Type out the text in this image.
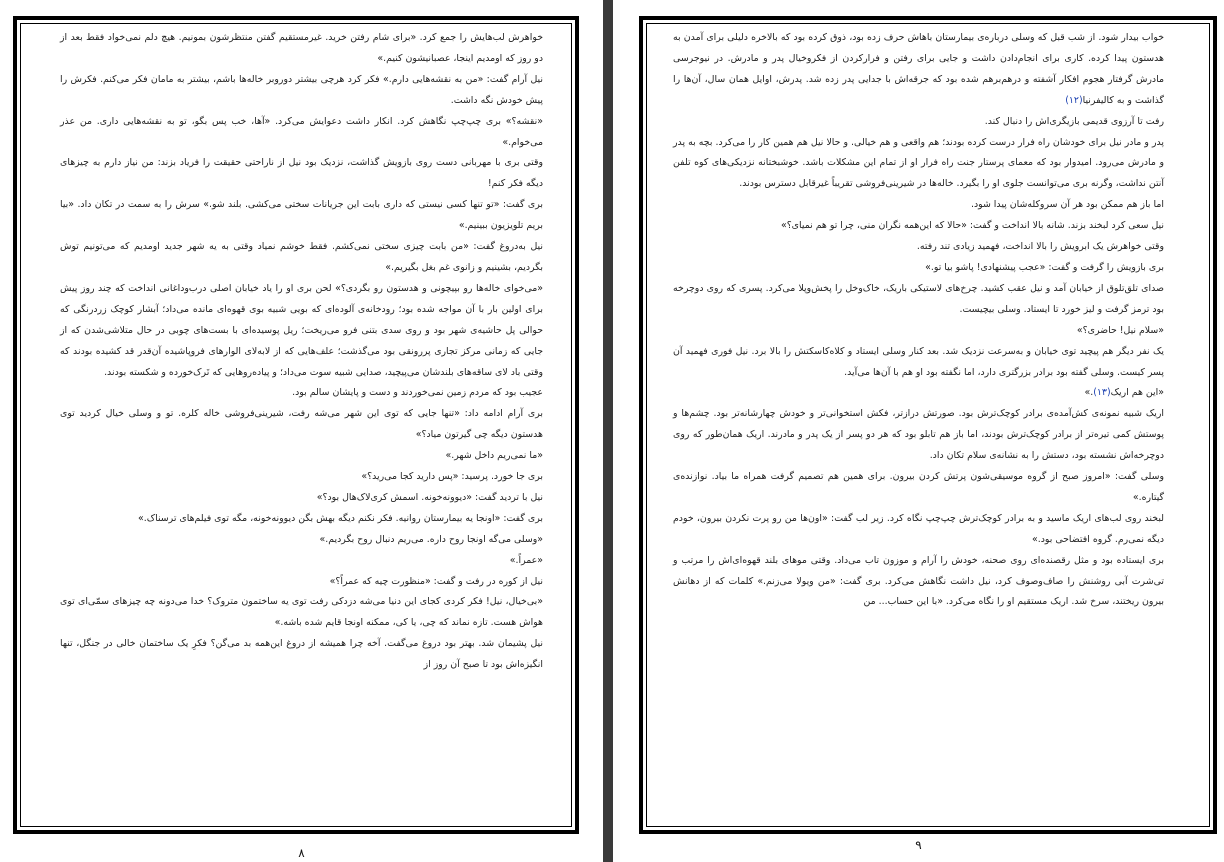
خواهرش لب‌هایش را جمع کرد. «برای شام رفتن خرید. غیرمستقیم گفتن منتظرشون بمونیم. هیچ دلم نمی‌خواد فقط بعد از دو روز که اومدیم اینجا، عصبانیشون کنیم.»

نیل آرام گفت: «من به نقشه‌هایی دارم.» فکر کرد هرچی بیشتر دوروبر خاله‌ها باشم، بیشتر به مامان فکر می‌کنم. فکرش را پیش خودش نگه داشت.

«نقشه؟» بری چپ‌چپ نگاهش کرد. انکار داشت دعوایش می‌کرد. «آها، خب پس بگو، تو به نقشه‌هایی داری. من عذر می‌خوام.»

وقتی بری با مهربانی دست روی بازویش گذاشت، نزدیک بود نیل از ناراحتی حقیقت را فریاد بزند: من نیاز دارم به چیزهای دیگه فکر کنم!

بری گفت: «تو تنها کسی نیستی که داری بابت این جریانات سختی می‌کشی. بلند شو.» سرش را به سمت در تکان داد. «بیا بریم تلویزیون ببینیم.»

نیل به‌دروغ گفت: «من بابت چیزی سختی نمی‌کشم. فقط خوشم نمیاد وقتی به یه شهر جدید اومدیم که می‌تونیم توش بگردیم، بشینیم و زانوی غم بغل بگیریم.»

«می‌خوای خاله‌ها رو بپیچونی و هدستون رو بگردی؟» لحن بری او را یاد خیابان اصلی درب‌وداغانی انداخت که چند روز پیش برای اولین بار با آن مواجه شده بود؛ رودخانه‌ی آلوده‌ای که بویی شبیه بوی قهوه‌ای مانده می‌داد؛ آبشار کوچک زردرنگی که حوالی پل حاشیه‌ی شهر بود و روی سدی بتنی فرو می‌ریخت؛ ریل پوسیده‌ای با بست‌های چوبی در حال متلاشی‌شدن که از جایی که زمانی مرکز تجاری پررونقی بود می‌گذشت؛ علف‌هایی که از لابه‌لای الوارهای فروپاشیده آن‌قدر قد کشیده بودند که وقتی باد لای ساقه‌های بلندشان می‌پیچید، صدایی شبیه سوت می‌داد؛ و پیاده‌روهایی که تَرک‌خورده و شکسته بودند.

عجیب بود که مردم زمین نمی‌خوردند و دست و پایشان سالم بود.

بری آرام ادامه داد: «تنها جایی که توی این شهر می‌شه رفت، شیرینی‌فروشی خاله کلره. تو و وسلی خیال کردید توی هدستون دیگه چی گیرتون میاد؟»

«ما نمی‌ریم داخل شهر.»

بری جا خورد. پرسید: «پس دارید کجا می‌رید؟»

نیل با تردید گفت: «دیوونه‌خونه. اسمش کری‌لاک‌هال بود؟»

بری گفت: «اونجا یه بیمارستان روانیه. فکر نکنم دیگه بهش بگن دیوونه‌خونه، مگه توی فیلم‌های ترسناک.»

«وسلی می‌گه اونجا روح داره. می‌ریم دنبال روح بگردیم.»

«عمراً.»

نیل از کوره در رفت و گفت: «منظورت چیه که عمراً؟»

«بی‌خیال، نیل! فکر کردی کجای این دنیا می‌شه دزدکی رفت توی یه ساختمون متروک؟ خدا می‌دونه چه چیزهای سمّی‌ای توی هواش هست. تازه نماند که چی، یا کی، ممکنه اونجا قایم شده باشه.»

نیل پشیمان شد. بهتر بود دروغ می‌گفت. آخه چرا همیشه از دروغ این‌همه بد می‌گن؟ فکرِ یک ساختمان خالی در جنگل، تنها انگیزه‌اش بود تا صبح آن روز از

۸

خواب بیدار شود. از شب قبل که وسلی درباره‌ی بیمارستان باهاش حرف زده بود، ذوق کرده بود که بالاخره دلیلی برای آمدن به هدستون پیدا کرده. کاری برای انجام‌دادن داشت و جایی برای رفتن و فرارکردن از فکروخیال پدر و مادرش. در نیوجرسی مادرش گرفتار هجوم افکار آشفته و درهم‌برهم شده بود که جرقه‌اش با جدایی پدر زده شد. پدرش، اوایل همان سال، آن‌ها را گذاشت و به کالیفرنیا(۱۲)

رفت تا آرزوی قدیمی بازیگری‌اش را دنبال کند.

پدر و مادر نیل برای خودشان راه فرار درست کرده بودند؛ هم واقعی و هم خیالی. و حالا نیل هم همین کار را می‌کرد. بچه به پدر و مادرش می‌رود. امیدوار بود که معمای پرستار جنت راه فرار او از تمام این مشکلات باشد. خوشبختانه نزدیکی‌های کوه تلفن آنتن نداشت، وگرنه بری می‌توانست جلوی او را بگیرد. خاله‌ها در شیرینی‌فروشی تقریباً غیرقابل دسترس بودند.

اما باز هم ممکن بود هر آن سروکله‌شان پیدا شود.

نیل سعی کرد لبخند بزند. شانه بالا انداخت و گفت: «حالا که این‌همه نگران منی، چرا تو هم نمیای؟»

وقتی خواهرش یک ابرویش را بالا انداخت، فهمید زیادی تند رفته.

بری بازویش را گرفت و گفت: «عجب پیشنهادی! پاشو بیا تو.»

صدای تلق‌تلوق از خیابان آمد و نیل عقب کشید. چرخ‌های لاستیکی باریک، خاک‌وخل را پخش‌وپلا می‌کرد. پسری که روی دوچرخه بود ترمز گرفت و لیز خورد تا ایستاد. وسلی بیچیست.

«سلام نیل! حاضری؟»

یک نفر دیگر هم پیچید توی خیابان و به‌سرعت نزدیک شد. بعد کنار وسلی ایستاد و کلاه‌کاسکتش را بالا برد. نیل فوری فهمید آن پسر کیست. وسلی گفته بود برادر بزرگتری دارد، اما نگفته بود او هم با آن‌ها می‌آید.

«این هم اریک(۱۳).»

اریک شبیه نمونه‌ی کش‌آمده‌ی برادر کوچک‌ترش بود. صورتش درازتر، فکش استخوانی‌تر و خودش چهارشانه‌تر بود. چشم‌ها و پوستش کمی تیره‌تر از برادر کوچک‌ترش بودند، اما باز هم تابلو بود که هر دو پسر از یک پدر و مادرند. اریک همان‌طور که روی دوچرخه‌اش نشسته بود، دستش را به نشانه‌ی سلام تکان داد.

وسلی گفت: «امروز صبح از گروه موسیقی‌شون پرتش کردن بیرون. برای همین هم تصمیم گرفت همراه ما بیاد. نوازنده‌ی گیتاره.»

لبخند روی لب‌های اریک ماسید و به برادر کوچک‌ترش چپ‌چپ نگاه کرد. زیر لب گفت: «اون‌ها من رو پرت نکردن بیرون، خودم دیگه نمی‌رم. گروه افتضاحی بود.»

بری ایستاده بود و مثل رقصنده‌ای روی صحنه، خودش را آرام و موزون تاب می‌داد. وقتی موهای بلند قهوه‌ای‌اش را مرتب و تی‌شرت آبی روشنش را صاف‌وصوف کرد، نیل داشت نگاهش می‌کرد. بری گفت: «من ویولا می‌زنم.» کلمات که از دهانش بیرون ریختند، سرخ شد. اریک مستقیم او را نگاه می‌کرد. «با این حساب... من

۹
